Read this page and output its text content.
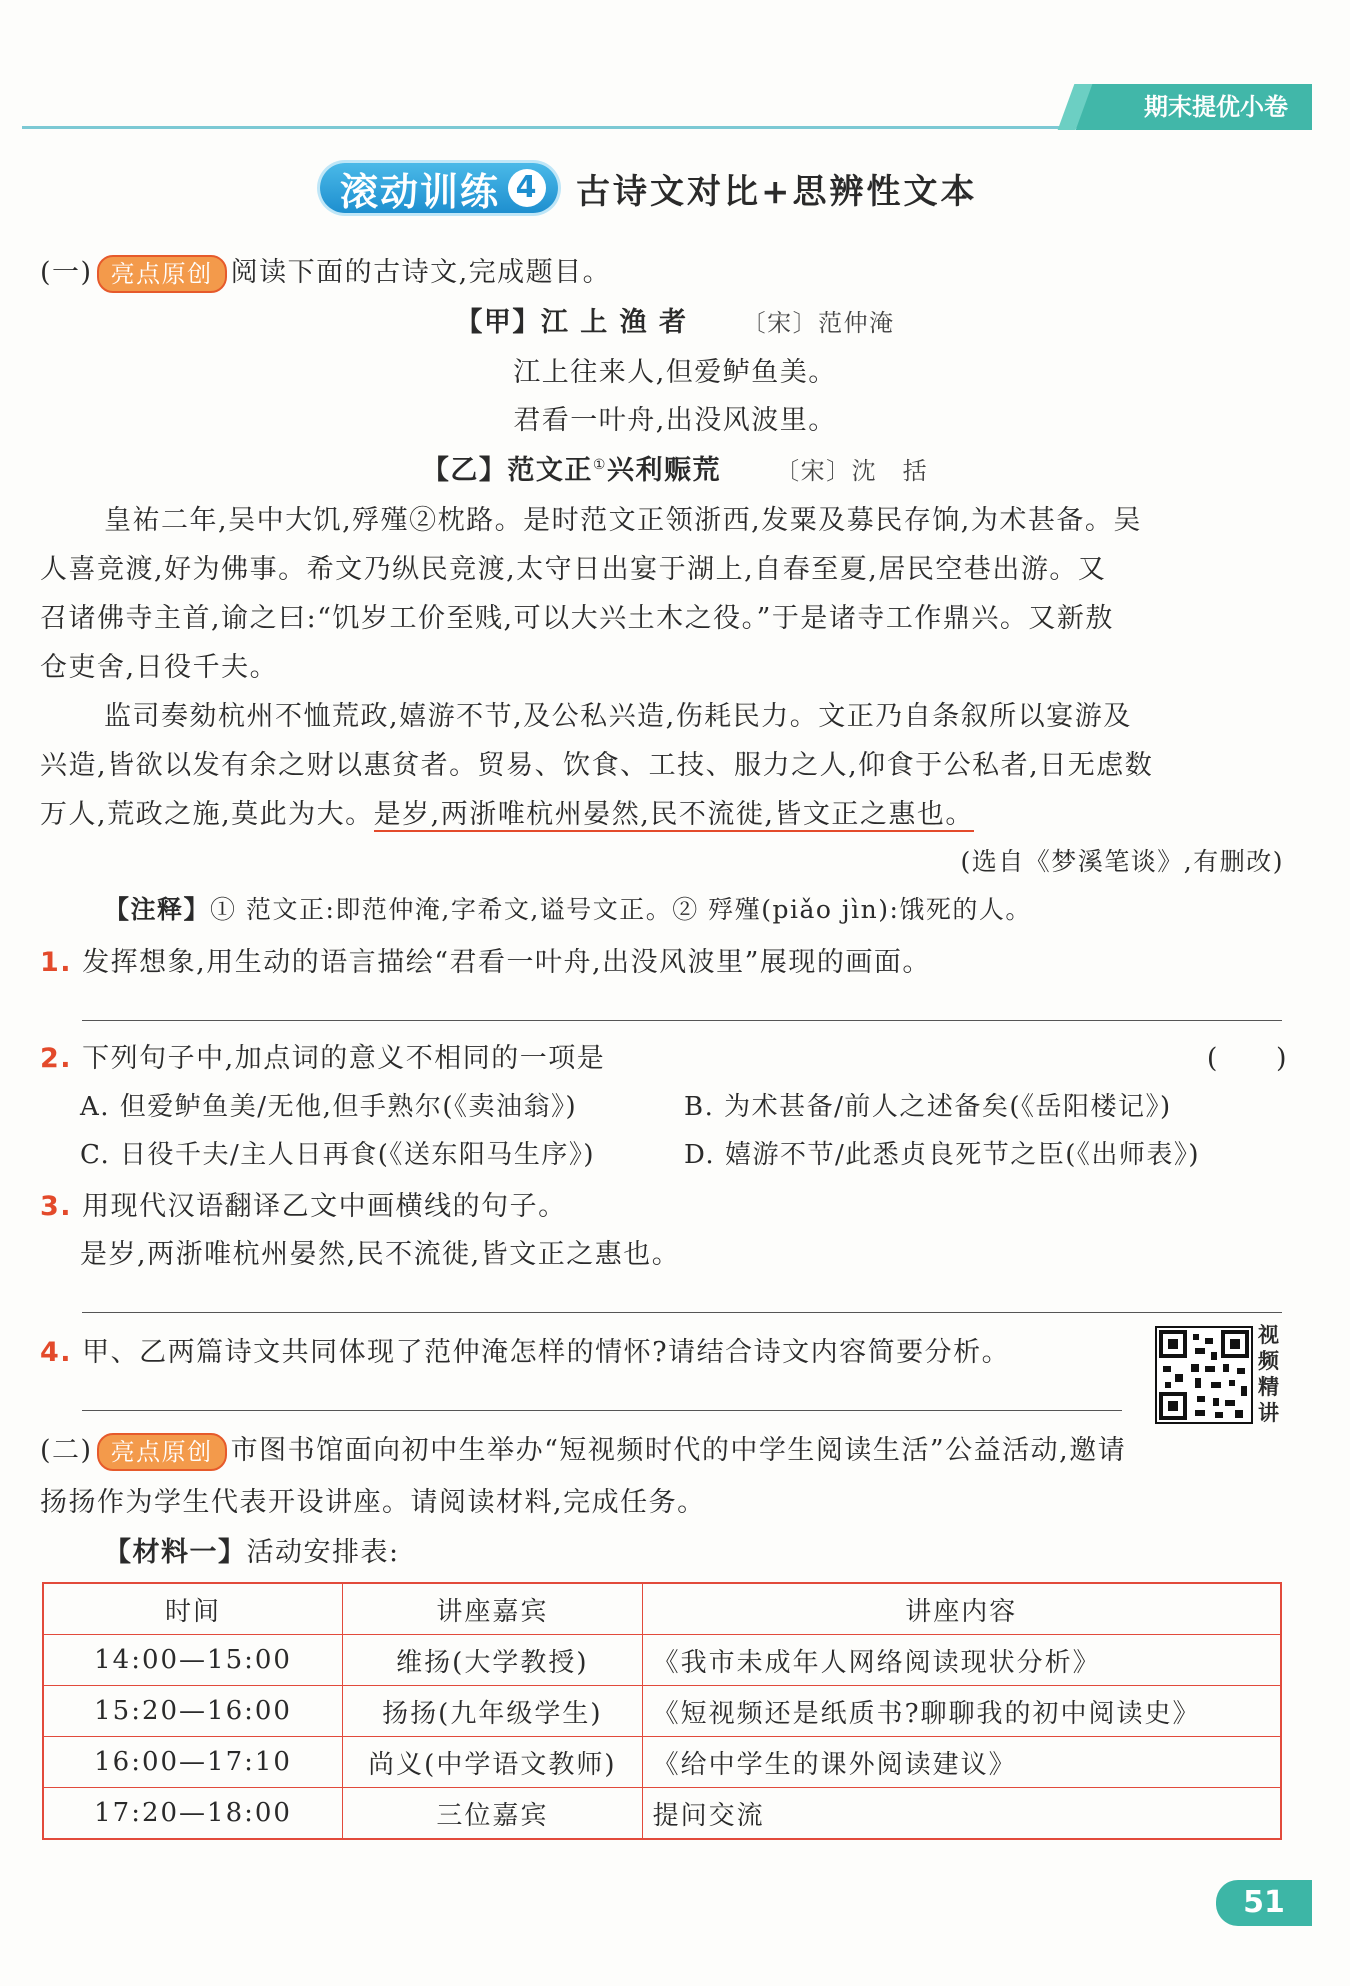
期末提优小卷
滚动训练 4 古诗文对比+思辨性文本
(一) 亮点原创 阅读下面的古诗文,完成题目。
【甲】江 上 渔 者 〔宋〕范仲淹
江上往来人,但爱鲈鱼美。
君看一叶舟,出没风波里。
【乙】范文正①兴利赈荒 〔宋〕沈　括
皇祐二年,吴中大饥,殍殣②枕路。是时范文正领浙西,发粟及募民存饷,为术甚备。吴
人喜竞渡,好为佛事。希文乃纵民竞渡,太守日出宴于湖上,自春至夏,居民空巷出游。又
召诸佛寺主首,谕之曰:“饥岁工价至贱,可以大兴土木之役。”于是诸寺工作鼎兴。又新敖
仓吏舍,日役千夫。
监司奏劾杭州不恤荒政,嬉游不节,及公私兴造,伤耗民力。文正乃自条叙所以宴游及
兴造,皆欲以发有余之财以惠贫者。贸易、饮食、工技、服力之人,仰食于公私者,日无虑数
万人,荒政之施,莫此为大。是岁,两浙唯杭州晏然,民不流徙,皆文正之惠也。
(选自《梦溪笔谈》,有删改)
【注释】① 范文正:即范仲淹,字希文,谥号文正。② 殍殣(piǎo jìn):饿死的人。
1. 发挥想象,用生动的语言描绘“君看一叶舟,出没风波里”展现的画面。
2. 下列句子中,加点词的意义不相同的一项是	(　　)
A. 但爱鲈鱼美/无他,但手熟尔(《卖油翁》)	B. 为术甚备/前人之述备矣(《岳阳楼记》)
C. 日役千夫/主人日再食(《送东阳马生序》)	D. 嬉游不节/此悉贞良死节之臣(《出师表》)
3. 用现代汉语翻译乙文中画横线的句子。
是岁,两浙唯杭州晏然,民不流徙,皆文正之惠也。
4. 甲、乙两篇诗文共同体现了范仲淹怎样的情怀?请结合诗文内容简要分析。
视
频
精
讲
(二) 亮点原创 市图书馆面向初中生举办“短视频时代的中学生阅读生活”公益活动,邀请
扬扬作为学生代表开设讲座。请阅读材料,完成任务。
【材料一】活动安排表:
时间	讲座嘉宾	讲座内容
14:00—15:00	维扬(大学教授)	《我市未成年人网络阅读现状分析》
15:20—16:00	扬扬(九年级学生)	《短视频还是纸质书?聊聊我的初中阅读史》
16:00—17:10	尚义(中学语文教师)	《给中学生的课外阅读建议》
17:20—18:00	三位嘉宾	提问交流
51
